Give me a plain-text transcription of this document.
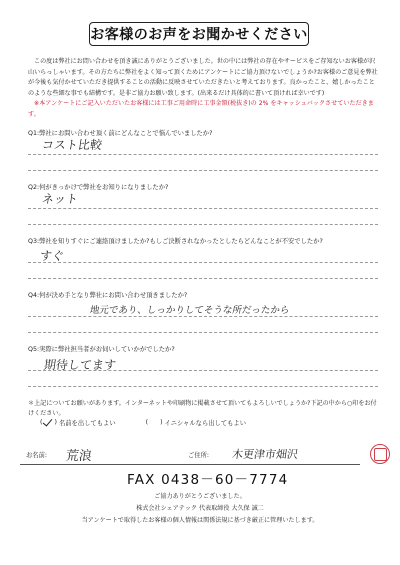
お客様のお声をお聞かせください

この度は弊社にお問い合わせを頂き誠にありがとうございました。世の中には弊社の存在やサービスをご存知ないお客様が沢山いらっしゃいます。その方たちに弊社をよく知って頂くためにアンケートにご協力頂けないでしょうか?お客様のご意見を弊社が今後も気付かせていただき提供することの活動に反映させていただきたいと考えております。良かったこと、嬉しかったことのような些細な事でも結構です。是非ご協力お願い致します。(出来るだけ具体的に書いて頂ければ幸いです)

※本アンケートにご記入いただいたお客様には工事ご用命時に工事金額(税抜き)の 2% をキャッシュバックさせていただきます。

Q1:弊社にお問い合わせ頂く前にどんなことで悩んでいましたか?
コスト比較
Q2:何がきっかけで弊社をお知りになりましたか?
ネット
Q3:弊社を知りすぐにご連絡頂けましたか?もしご決断されなかったとしたらどんなことが不安でしたか?
すぐ
Q4:何が決め手となり弊社にお問い合わせ頂きましたか?
地元であり、しっかりしてそうな所だったから
Q5:実際に弊社担当者がお伺いしていかがでしたか?
期待してます
＊上記についてお願いがあります。インターネットや印刷物に掲載させて頂いてもよろしいでしょうか?下記の中から○印をお付けください。
( ) 名前を出してもよい	( ) イニシャルなら出してもよい
お名前: 荒浪	ご住所: 木更津市畑沢
FAX 0438－60－7774
ご協力ありがとうございました。
株式会社シェアテック 代表取締役 大久保 誠二
当アンケートで取得したお客様の個人情報は関係法規に基づき厳正に管理いたします。
